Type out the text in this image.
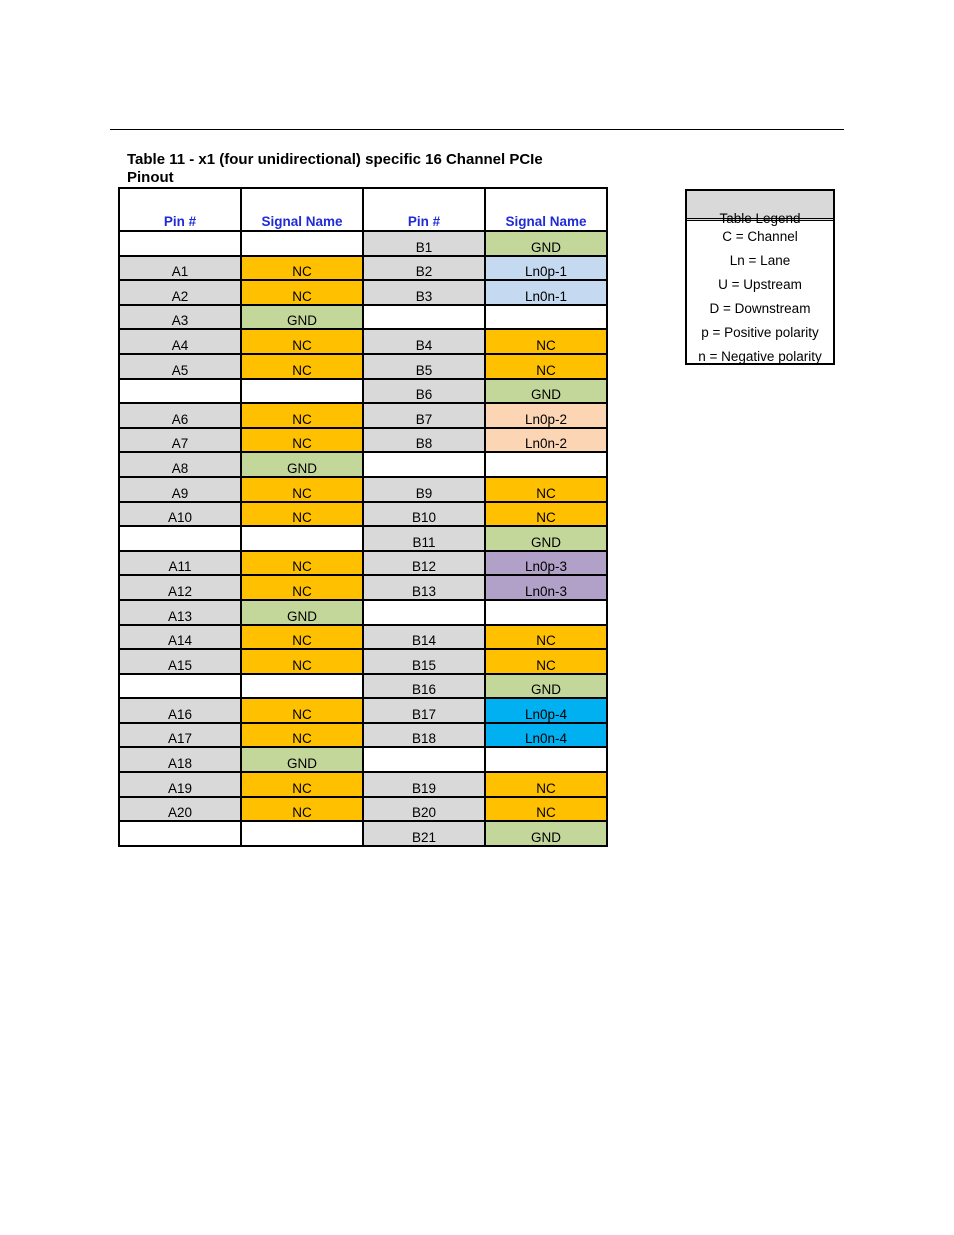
Table 11 - x1 (four unidirectional) specific 16 Channel PCIe
Pinout
Pin #	Signal Name	Pin #	Signal Name
		B1	GND
A1	NC	B2	Ln0p-1
A2	NC	B3	Ln0n-1
A3	GND		
A4	NC	B4	NC
A5	NC	B5	NC
		B6	GND
A6	NC	B7	Ln0p-2
A7	NC	B8	Ln0n-2
A8	GND		
A9	NC	B9	NC
A10	NC	B10	NC
		B11	GND
A11	NC	B12	Ln0p-3
A12	NC	B13	Ln0n-3
A13	GND		
A14	NC	B14	NC
A15	NC	B15	NC
		B16	GND
A16	NC	B17	Ln0p-4
A17	NC	B18	Ln0n-4
A18	GND		
A19	NC	B19	NC
A20	NC	B20	NC
		B21	GND
Table Legend
C = Channel
Ln = Lane
U = Upstream
D = Downstream
p = Positive polarity
n = Negative polarity
